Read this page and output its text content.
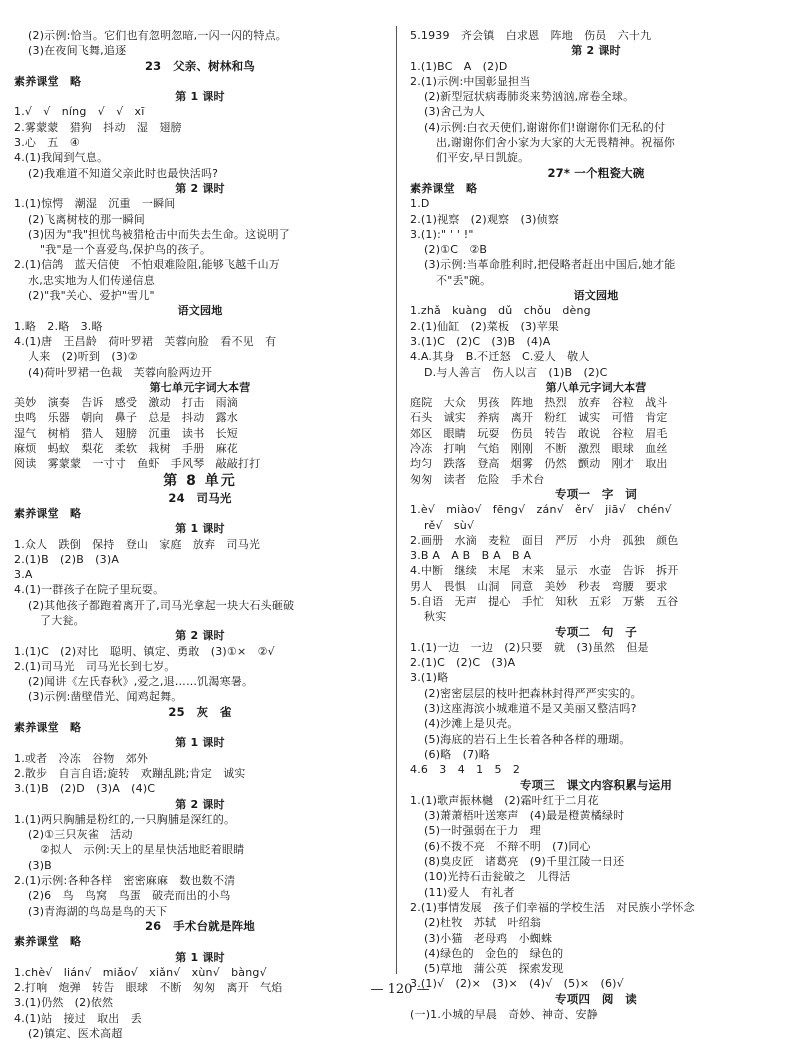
(2)示例:恰当。它们也有忽明忽暗,一闪一闪的特点。
(3)在夜间飞舞,追逐
23　父亲、树林和鸟
素养课堂　略
第 1 课时
1.√　√　níng　√　√　xī
2.雾蒙蒙　猎狗　抖动　湿　翅膀
3.心　五　④
4.(1)我闻到气息。
(2)我难道不知道父亲此时也最快活吗?
第 2 课时
1.(1)惊愕　潮湿　沉重　一瞬间
(2)飞离树枝的那一瞬间
(3)因为"我"担忧鸟被猎枪击中而失去生命。这说明了
"我"是一个喜爱鸟,保护鸟的孩子。
2.(1)信鸽　蓝天信使　不怕艰难险阻,能够飞越千山万
水,忠实地为人们传递信息
(2)"我"关心、爱护"雪儿"
语文园地
1.略　2.略　3.略
4.(1)唐　王昌龄　荷叶罗裙　芙蓉向脸　看不见　有
人来　(2)听到　(3)②
(4)荷叶罗裙一色裁　芙蓉向脸两边开
第七单元字词大本营
美妙　演奏　告诉　感受　激动　打击　雨滴
虫鸣　乐器　朝向　鼻子　总是　抖动　露水
湿气　树梢　猎人　翅膀　沉重　读书　长短
麻烦　蚂蚁　梨花　柔软　栽树　手册　麻花
阅读　雾蒙蒙　一寸寸　鱼虾　手风琴　敲敲打打
第 8 单元
24　司马光
素养课堂　略
第 1 课时
1.众人　跌倒　保持　登山　家庭　放弃　司马光
2.(1)B　(2)B　(3)A
3.A
4.(1)一群孩子在院子里玩耍。
(2)其他孩子都跑着离开了,司马光拿起一块大石头砸破
了大瓮。
第 2 课时
1.(1)C　(2)对比　聪明、镇定、勇敢　(3)①×　②√
2.(1)司马光　司马光长到七岁。
(2)闻讲《左氏春秋》,爱之,退……饥渴寒暑。
(3)示例:凿壁借光、闻鸡起舞。
25　灰　雀
素养课堂　略
第 1 课时
1.或者　冷冻　谷物　郊外
2.散步　自言自语;旋转　欢蹦乱跳;肯定　诚实
3.(1)B　(2)D　(3)A　(4)C
第 2 课时
1.(1)两只胸脯是粉红的,一只胸脯是深红的。
(2)①三只灰雀　活动
②拟人　示例:天上的星星快活地眨着眼睛
(3)B
2.(1)示例:各种各样　密密麻麻　数也数不清
(2)6　鸟　鸟窝　鸟蛋　破壳而出的小鸟
(3)青海湖的鸟岛是鸟的天下
26　手术台就是阵地
素养课堂　略
第 1 课时
1.chè√　lián√　miǎo√　xiǎn√　xùn√　bàng√
2.打响　炮弹　转告　眼球　不断　匆匆　离开　气焰
3.(1)仍然　(2)依然
4.(1)站　接过　取出　丢
(2)镇定、医术高超
5.1939　齐会镇　白求恩　阵地　伤员　六十九
第 2 课时
1.(1)BC　A　(2)D
2.(1)示例:中国彰显担当
(2)新型冠状病毒肺炎来势汹汹,席卷全球。
(3)舍己为人
(4)示例:白衣天使们,谢谢你们!谢谢你们无私的付
出,谢谢你们舍小家为大家的大无畏精神。祝福你
们平安,早日凯旋。
27* 一个粗瓷大碗
素养课堂　略
1.D
2.(1)视察　(2)观察　(3)侦察
3.(1):" ' ' !"
(2)①C　②B
(3)示例:当革命胜利时,把侵略者赶出中国后,她才能
不"丢"碗。
语文园地
1.zhǎ　kuàng　dǔ　chǒu　dèng
2.(1)仙缸　(2)菜板　(3)苹果
3.(1)C　(2)C　(3)B　(4)A
4.A.其身　B.不迁怒　C.爱人　敬人
D.与人善言　伤人以言　(1)B　(2)C
第八单元字词大本营
庭院　大众　男孩　阵地　热烈　放弃　谷粒　战斗
石头　诚实　养病　离开　粉红　诚实　可惜　肯定
郊区　眼睛　玩耍　伤员　转告　敢说　谷粒　眉毛
冷冻　打响　气焰　刚刚　不断　激烈　眼球　血丝
均匀　跌落　登高　烟雾　仍然　颤动　刚才　取出
匆匆　读者　危险　手术台
专项一　字　词
1.è√　miào√　fēng√　zán√　ěr√　jiā√　chén√
rě√　sù√
2.画册　水滴　麦粒　面目　严厉　小舟　孤独　颜色
3.B A　A B　B A　B A
4.中断　继续　末尾　末来　显示　水壶　告诉　拆开
男人　畏惧　山洞　同意　美妙　秒表　弯腰　要求
5.自语　无声　提心　手忙　知秋　五彩　万紫　五谷
秋实
专项二　句　子
1.(1)一边　一边　(2)只要　就　(3)虽然　但是
2.(1)C　(2)C　(3)A
3.(1)略
(2)密密层层的枝叶把森林封得严严实实的。
(3)这座海滨小城难道不是又美丽又整洁吗?
(4)沙滩上是贝壳。
(5)海底的岩石上生长着各种各样的珊瑚。
(6)略　(7)略
4.6　3　4　1　5　2
专项三　课文内容积累与运用
1.(1)歌声振林樾　(2)霜叶红于二月花
(3)萧萧梧叶送寒声　(4)最是橙黄橘绿时
(5)一时强弱在于力　理
(6)不拨不亮　不辩不明　(7)同心
(8)臭皮匠　诸葛亮　(9)千里江陵一日还
(10)光持石击瓮破之　儿得活
(11)爱人　有礼者
2.(1)事情发展　孩子们幸福的学校生活　对民族小学怀念
(2)杜牧　苏轼　叶绍翁
(3)小猫　老母鸡　小蜘蛛
(4)绿色的　金色的　绿色的
(5)草地　蒲公英　探索发现
3.(1)√　(2)×　(3)×　(4)√　(5)×　(6)√
专项四　阅　读
(一)1.小城的早晨　奇妙、神奇、安静
— 120 —
